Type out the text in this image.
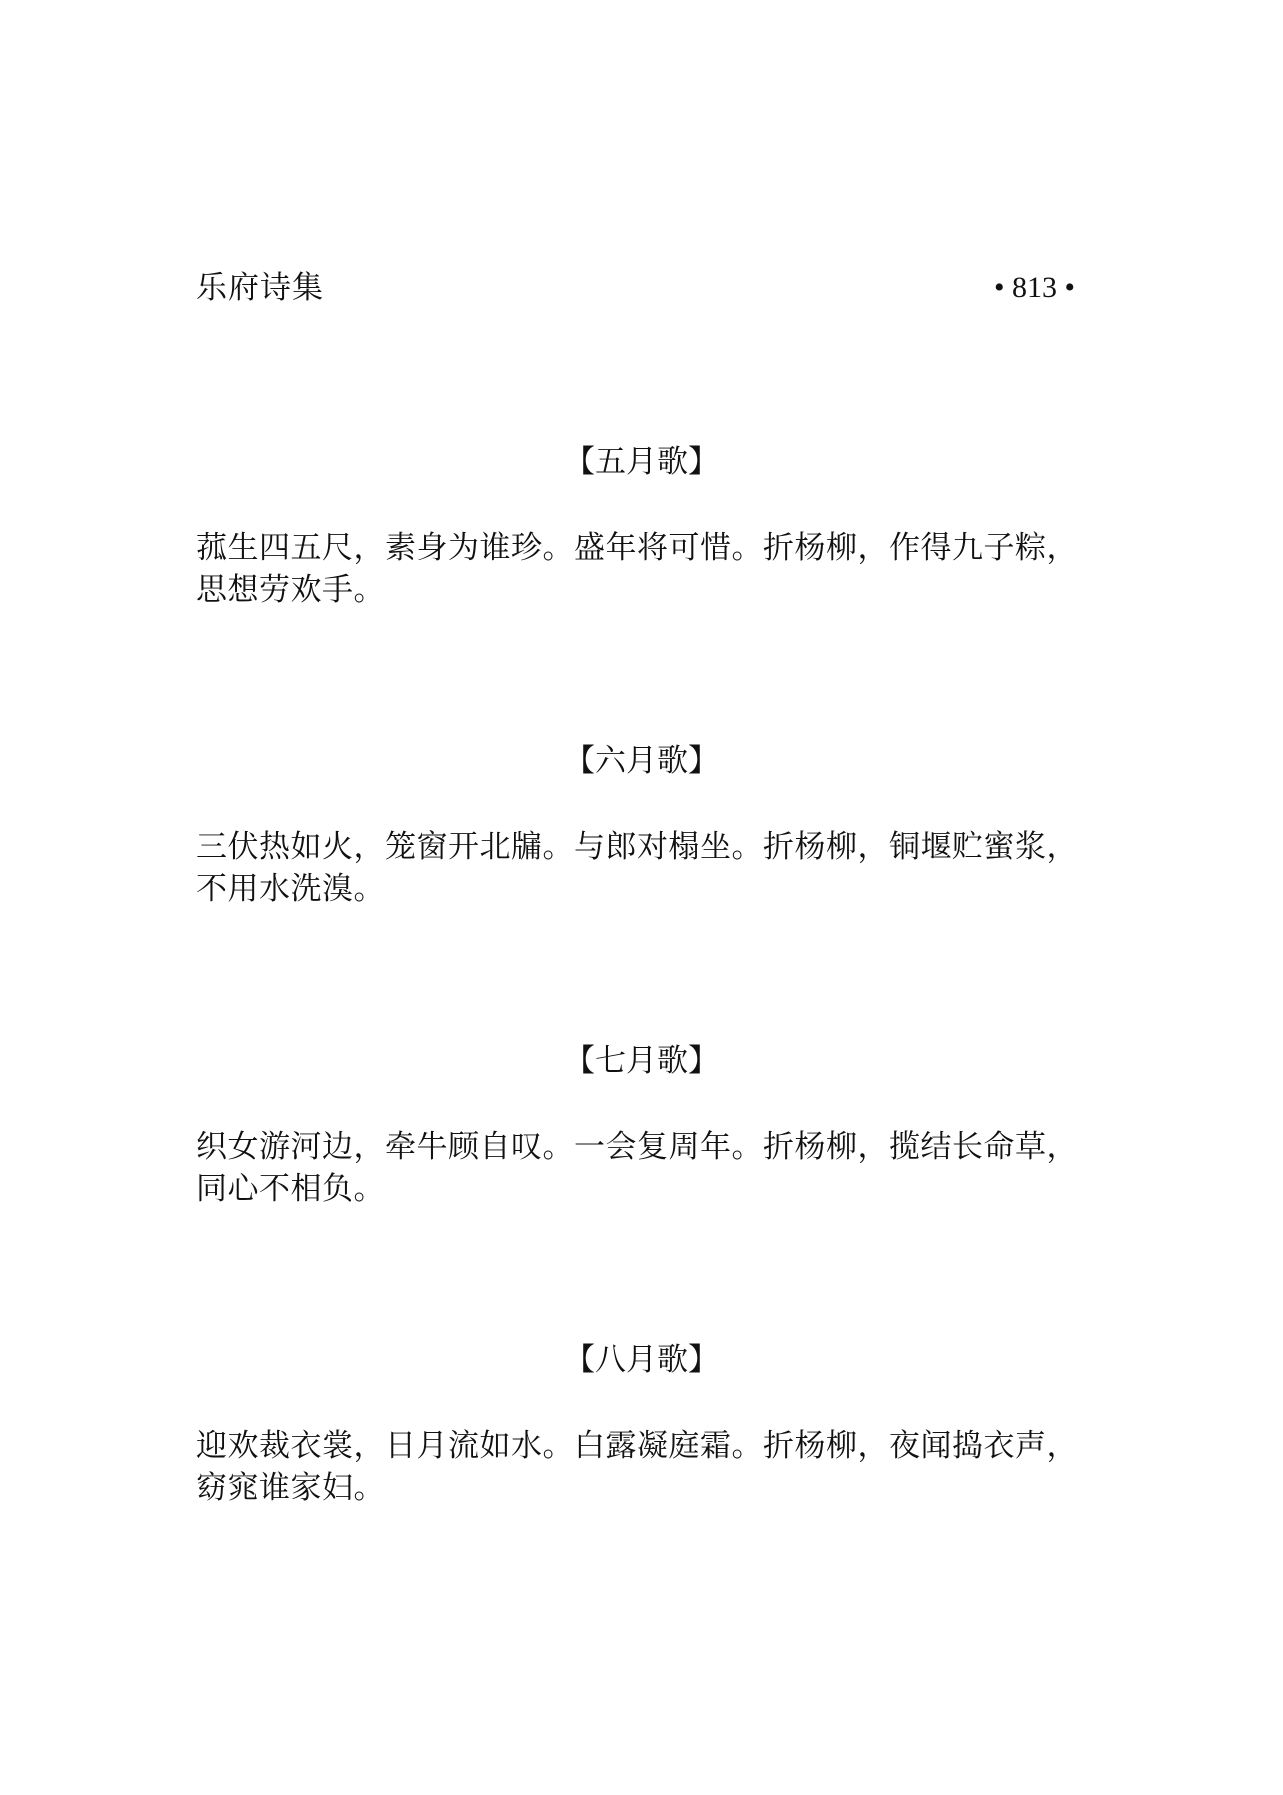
乐府诗集	• 813 •
【五月歌】
菰生四五尺，素身为谁珍。盛年将可惜。折杨柳，作得九子粽，
思想劳欢手。
【六月歌】
三伏热如火，笼窗开北牖。与郎对榻坐。折杨柳，铜堰贮蜜浆，
不用水洗溴。
【七月歌】
织女游河边，牵牛顾自叹。一会复周年。折杨柳，揽结长命草，
同心不相负。
【八月歌】
迎欢裁衣裳，日月流如水。白露凝庭霜。折杨柳，夜闻捣衣声，
窈窕谁家妇。
